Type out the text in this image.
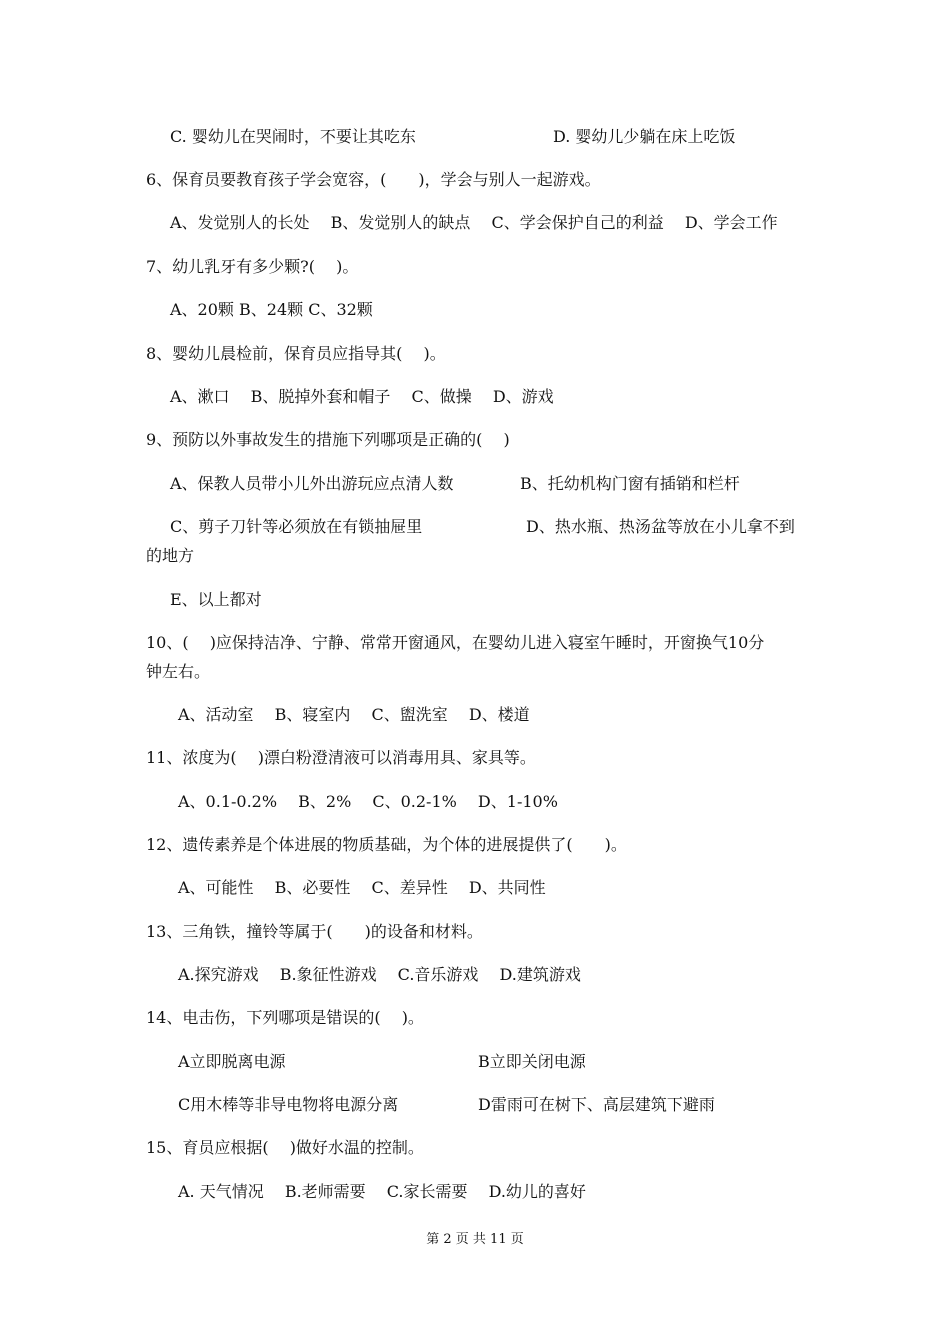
C. 婴幼儿在哭闹时，不要让其吃东	D. 婴幼儿少躺在床上吃饭
6、保育员要教育孩子学会宽容，(　　)，学会与别人一起游戏。
A、发觉别人的长处　 B、发觉别人的缺点　 C、学会保护自己的利益　 D、学会工作
7、幼儿乳牙有多少颗?(　 )。
A、20颗 B、24颗 C、32颗
8、婴幼儿晨检前，保育员应指导其(　 )。
A、漱口　 B、脱掉外套和帽子　 C、做操　 D、游戏
9、预防以外事故发生的措施下列哪项是正确的(　 )
A、保教人员带小儿外出游玩应点清人数	B、托幼机构门窗有插销和栏杆
C、剪子刀针等必须放在有锁抽屉里	D、热水瓶、热汤盆等放在小儿拿不到
的地方
E、以上都对
10、(　 )应保持洁净、宁静、常常开窗通风，在婴幼儿进入寝室午睡时，开窗换气10分
钟左右。
A、活动室　 B、寝室内　 C、盥洗室　 D、楼道
11、浓度为(　 )漂白粉澄清液可以消毒用具、家具等。
A、0.1-0.2%　 B、2%　 C、0.2-1%　 D、1-10%
12、遗传素养是个体进展的物质基础，为个体的进展提供了(　　)。
A、可能性　 B、必要性　 C、差异性　 D、共同性
13、三角铁，撞铃等属于(　　)的设备和材料。
A.探究游戏　 B.象征性游戏　 C.音乐游戏　 D.建筑游戏
14、电击伤，下列哪项是错误的(　 )。
A立即脱离电源	B立即关闭电源
C用木棒等非导电物将电源分离	D雷雨可在树下、高层建筑下避雨
15、育员应根据(　 )做好水温的控制。
A. 天气情况　 B.老师需要　 C.家长需要　 D.幼儿的喜好
第 2 页 共 11 页
